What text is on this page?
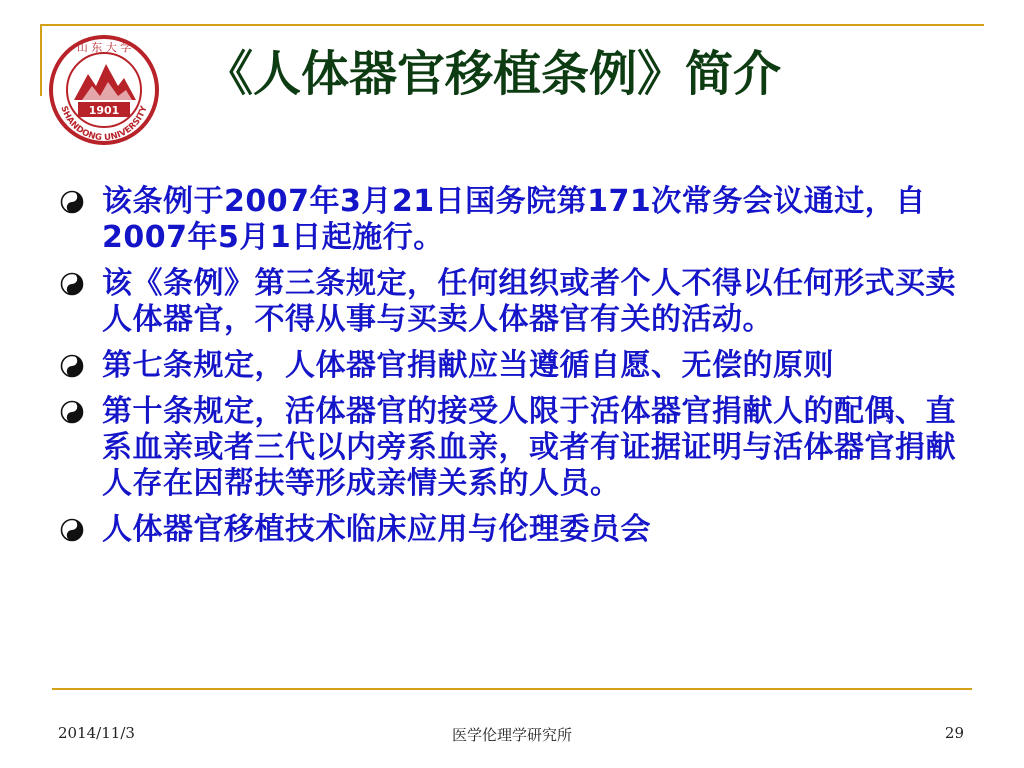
山 东 大 学
SHANDONG UNIVERSITY
1901
《人体器官移植条例》简介
该条例于2007年3月21日国务院第171次常务会议通过，自2007年5月1日起施行。
该《条例》第三条规定，任何组织或者个人不得以任何形式买卖人体器官，不得从事与买卖人体器官有关的活动。
第七条规定，人体器官捐献应当遵循自愿、无偿的原则
第十条规定，活体器官的接受人限于活体器官捐献人的配偶、直系血亲或者三代以内旁系血亲，或者有证据证明与活体器官捐献人存在因帮扶等形成亲情关系的人员。
人体器官移植技术临床应用与伦理委员会
2014/11/3	医学伦理学研究所	29
